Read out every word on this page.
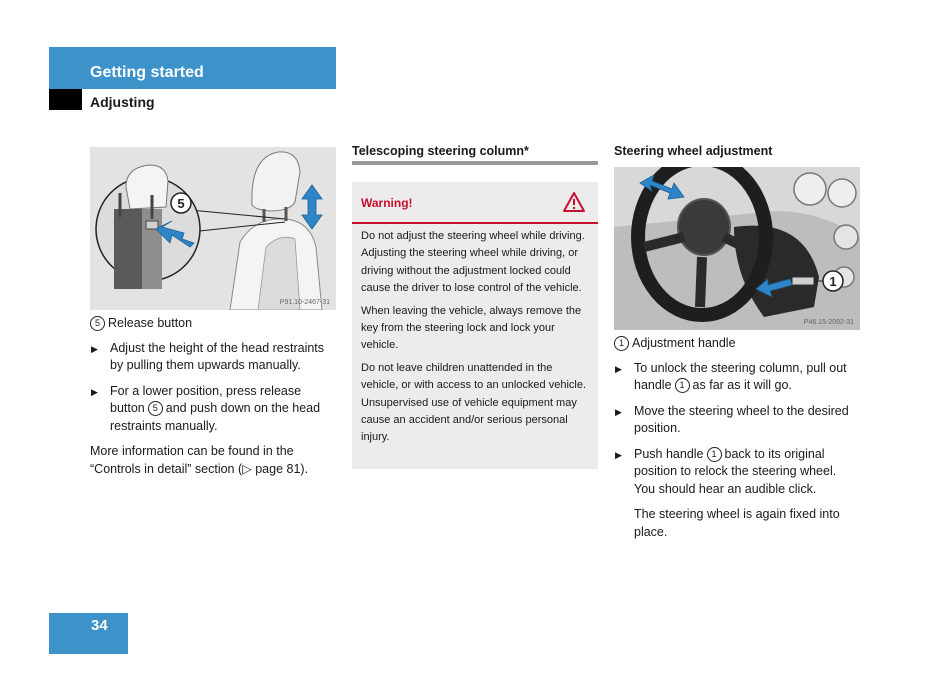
Getting started
Adjusting
5
P91.10-2467-31
5 Release button
▶ Adjust the height of the head restraints by pulling them upwards manually.
▶ For a lower position, press release button 5 and push down on the head restraints manually.
More information can be found in the “Controls in detail” section (▷ page 81).
Telescoping steering column*
Warning!

Do not adjust the steering wheel while driving. Adjusting the steering wheel while driving, or driving without the adjustment locked could cause the driver to lose control of the vehicle.

When leaving the vehicle, always remove the key from the steering lock and lock your vehicle.

Do not leave children unattended in the vehicle, or with access to an unlocked vehicle. Unsupervised use of vehicle equipment may cause an accident and/or serious personal injury.

Steering wheel adjustment
1
P46.15-2092-31
1 Adjustment handle
▶ To unlock the steering column, pull out handle 1 as far as it will go.
▶ Move the steering wheel to the desired position.
▶ Push handle 1 back to its original position to relock the steering wheel. You should hear an audible click.
The steering wheel is again fixed into place.
34
